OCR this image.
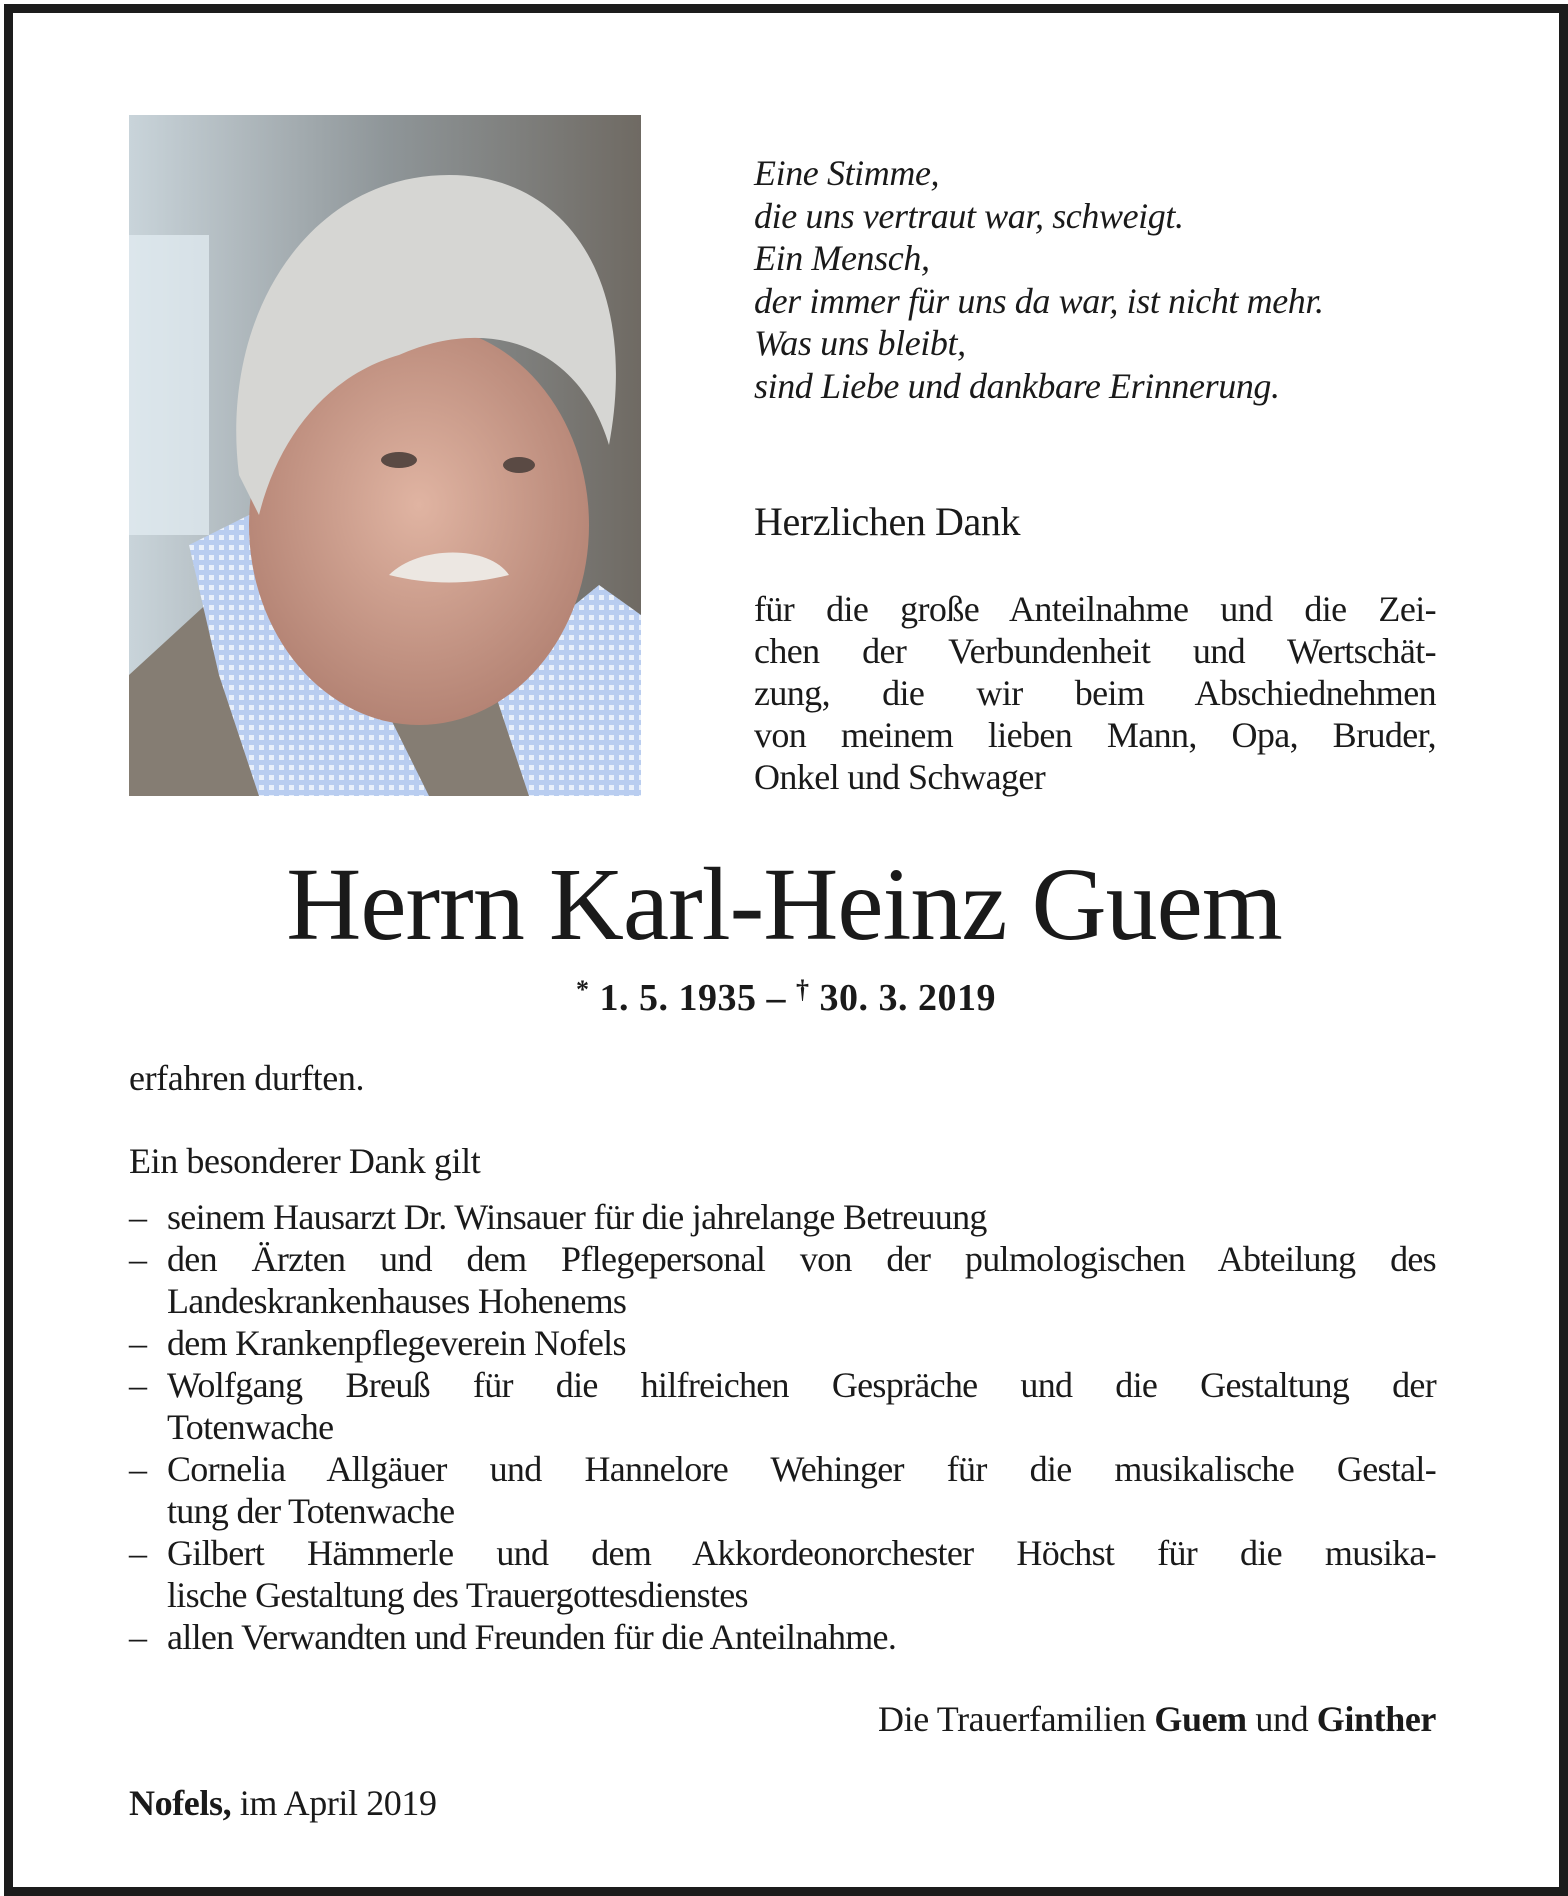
Eine Stimme,
die uns vertraut war, schweigt.
Ein Mensch,
der immer für uns da war, ist nicht mehr.
Was uns bleibt,
sind Liebe und dankbare Erinnerung.
Herzlichen Dank
für die große Anteilnahme und die Zei-
chen der Verbundenheit und Wertschät-
zung, die wir beim Abschiednehmen
von meinem lieben Mann, Opa, Bruder,
Onkel und Schwager
Herrn Karl-Heinz Guem
* 1. 5. 1935 – † 30. 3. 2019
erfahren durften.
Ein besonderer Dank gilt
– seinem Hausarzt Dr. Winsauer für die jahrelange Betreuung
– den Ärzten und dem Pflegepersonal von der pulmologischen Abteilung des
Landeskrankenhauses Hohenems
– dem Krankenpflegeverein Nofels
– Wolfgang Breuß für die hilfreichen Gespräche und die Gestaltung der
Totenwache
– Cornelia Allgäuer und Hannelore Wehinger für die musikalische Gestal-
tung der Totenwache
– Gilbert Hämmerle und dem Akkordeonorchester Höchst für die musika-
lische Gestaltung des Trauergottesdienstes
– allen Verwandten und Freunden für die Anteilnahme.
Die Trauerfamilien Guem und Ginther
Nofels, im April 2019
